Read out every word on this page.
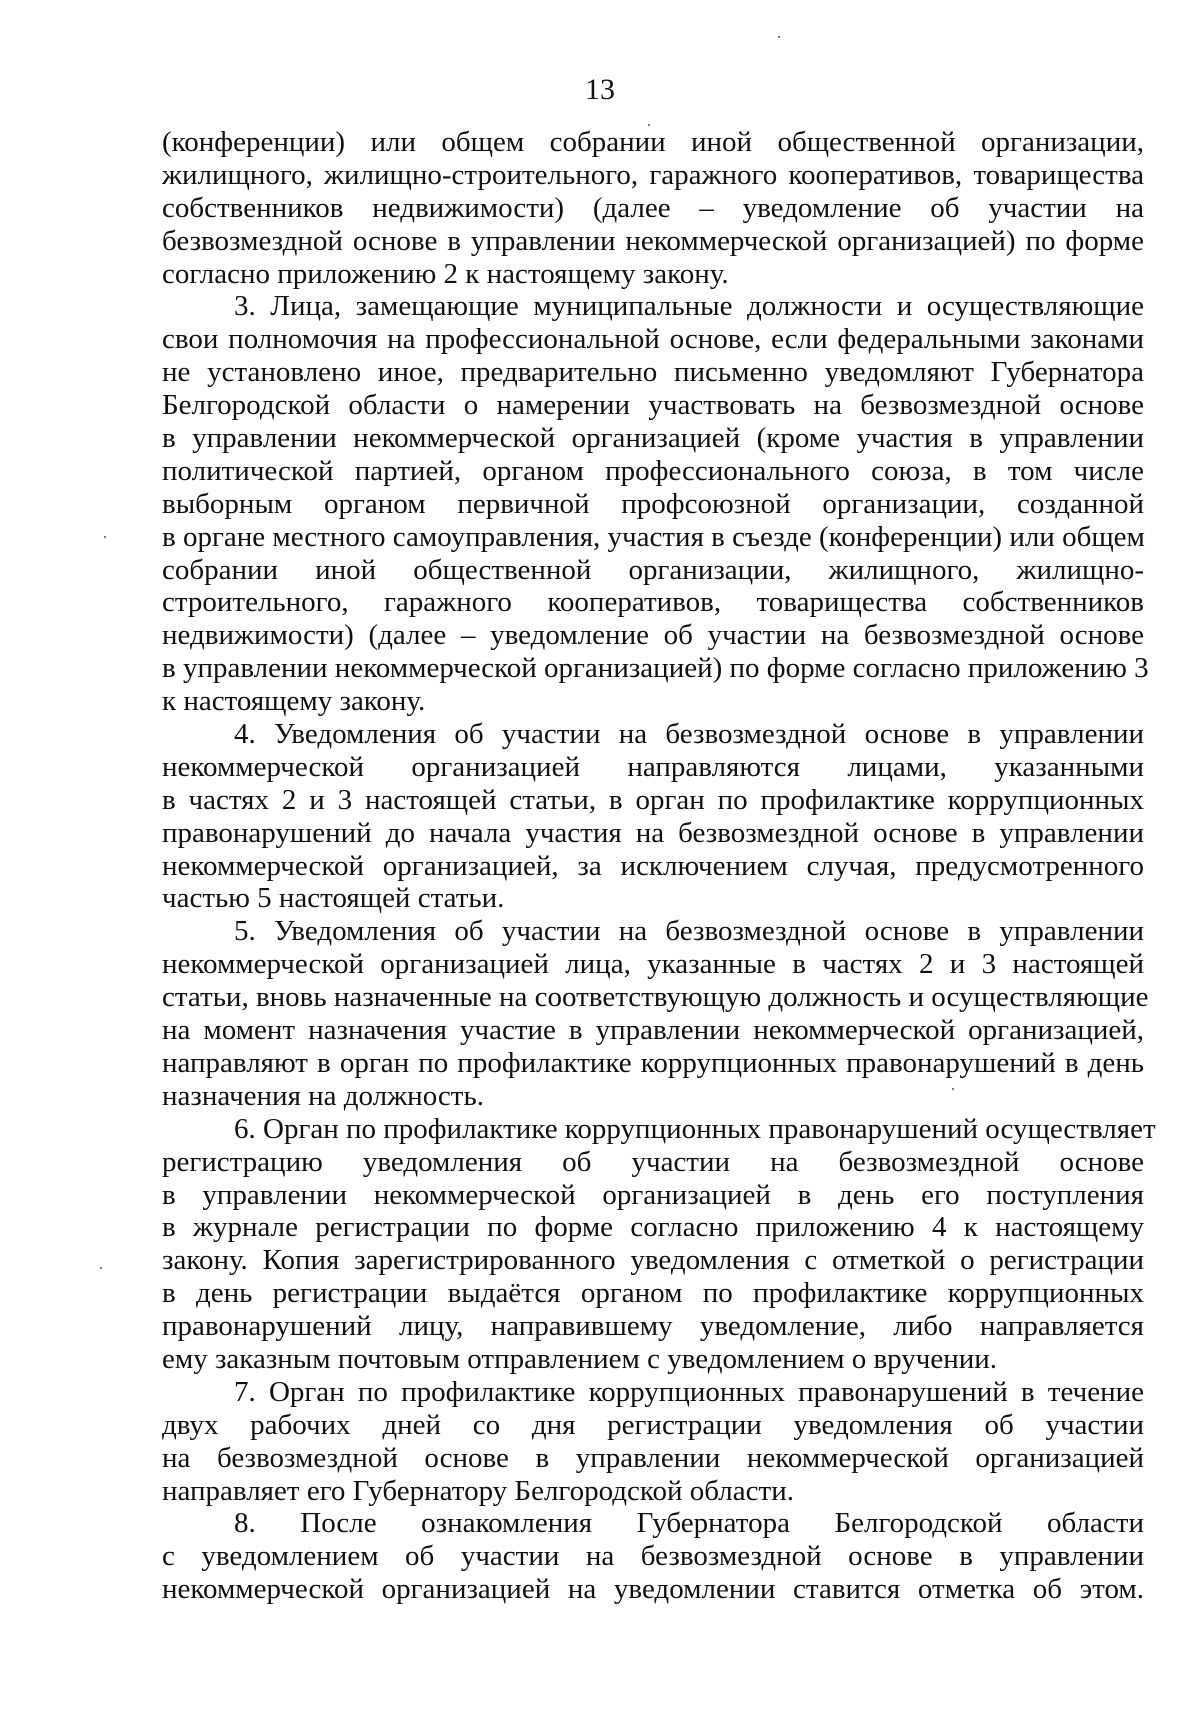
13
(конференции) или общем собрании иной общественной организации,
жилищного, жилищно-строительного, гаражного кооперативов, товарищества
собственников недвижимости) (далее – уведомление об участии на
безвозмездной основе в управлении некоммерческой организацией) по форме
согласно приложению 2 к настоящему закону.
3. Лица, замещающие муниципальные должности и осуществляющие
свои полномочия на профессиональной основе, если федеральными законами
не установлено иное, предварительно письменно уведомляют Губернатора
Белгородской области о намерении участвовать на безвозмездной основе
в управлении некоммерческой организацией (кроме участия в управлении
политической партией, органом профессионального союза, в том числе
выборным органом первичной профсоюзной организации, созданной
в органе местного самоуправления, участия в съезде (конференции) или общем
собрании иной общественной организации, жилищного, жилищно-
строительного, гаражного кооперативов, товарищества собственников
недвижимости) (далее – уведомление об участии на безвозмездной основе
в управлении некоммерческой организацией) по форме согласно приложению 3
к настоящему закону.
4. Уведомления об участии на безвозмездной основе в управлении
некоммерческой организацией направляются лицами, указанными
в частях 2 и 3 настоящей статьи, в орган по профилактике коррупционных
правонарушений до начала участия на безвозмездной основе в управлении
некоммерческой организацией, за исключением случая, предусмотренного
частью 5 настоящей статьи.
5. Уведомления об участии на безвозмездной основе в управлении
некоммерческой организацией лица, указанные в частях 2 и 3 настоящей
статьи, вновь назначенные на соответствующую должность и осуществляющие
на момент назначения участие в управлении некоммерческой организацией,
направляют в орган по профилактике коррупционных правонарушений в день
назначения на должность.
6. Орган по профилактике коррупционных правонарушений осуществляет
регистрацию уведомления об участии на безвозмездной основе
в управлении некоммерческой организацией в день его поступления
в журнале регистрации по форме согласно приложению 4 к настоящему
закону. Копия зарегистрированного уведомления с отметкой о регистрации
в день регистрации выдаётся органом по профилактике коррупционных
правонарушений лицу, направившему уведомление, либо направляется
ему заказным почтовым отправлением с уведомлением о вручении.
7. Орган по профилактике коррупционных правонарушений в течение
двух рабочих дней со дня регистрации уведомления об участии
на безвозмездной основе в управлении некоммерческой организацией
направляет его Губернатору Белгородской области.
8. После ознакомления Губернатора Белгородской области
с уведомлением об участии на безвозмездной основе в управлении
некоммерческой организацией на уведомлении ставится отметка об этом.
